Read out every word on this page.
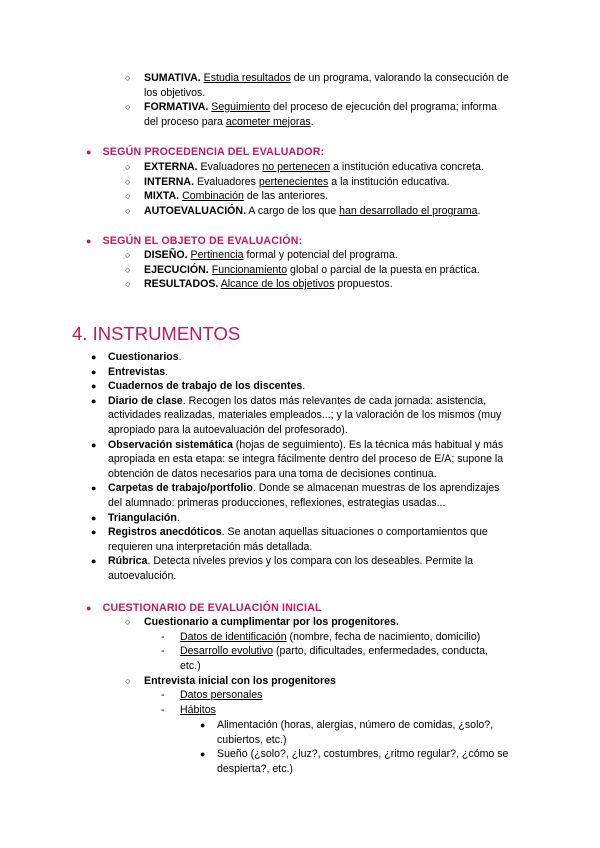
○ SUMATIVA. Estudia resultados de un programa, valorando la consecución de
los objetivos.
○ FORMATIVA. Seguimiento del proceso de ejecución del programa; informa
del proceso para acometer mejoras.
● SEGÚN PROCEDENCIA DEL EVALUADOR:
○ EXTERNA. Evaluadores no pertenecen a institución educativa concreta.
○ INTERNA. Evaluadores pertenecientes a la institución educativa.
○ MIXTA. Combinación de las anteriores.
○ AUTOEVALUACIÓN. A cargo de los que han desarrollado el programa.
● SEGÚN EL OBJETO DE EVALUACIÓN:
○ DISEÑO. Pertinencia formal y potencial del programa.
○ EJECUCIÓN. Funcionamiento global o parcial de la puesta en práctica.
○ RESULTADOS. Alcance de los objetivos propuestos.
4. INSTRUMENTOS
● Cuestionarios.
● Entrevistas.
● Cuadernos de trabajo de los discentes.
● Diario de clase. Recogen los datos más relevantes de cada jornada: asistencia,
actividades realizadas, materiales empleados...; y la valoración de los mismos (muy
apropiado para la autoevaluación del profesorado).
● Observación sistemática (hojas de seguimiento). Es la técnica más habitual y más
apropiada en esta etapa: se integra fácilmente dentro del proceso de E/A; supone la
obtención de datos necesarios para una toma de decisiones continua.
● Carpetas de trabajo/portfolio. Donde se almacenan muestras de los aprendizajes
del alumnado: primeras producciones, reflexiones, estrategias usadas...
● Triangulación.
● Registros anecdóticos. Se anotan aquellas situaciones o comportamientos que
requieren una interpretación más detallada.
● Rúbrica. Detecta niveles previos y los compara con los deseables. Permite la
autoevalución.
● CUESTIONARIO DE EVALUACIÓN INICIAL
○ Cuestionario a cumplimentar por los progenitores.
- Datos de identificación (nombre, fecha de nacimiento, domicilio)
- Desarrollo evolutivo (parto, dificultades, enfermedades, conducta,
etc.)
○ Entrevista inicial con los progenitores
- Datos personales
- Hábitos
● Alimentación (horas, alergias, número de comidas, ¿solo?,
cubiertos, etc.)
● Sueño (¿solo?, ¿luz?, costumbres, ¿ritmo regular?, ¿cómo se
despierta?, etc.)
